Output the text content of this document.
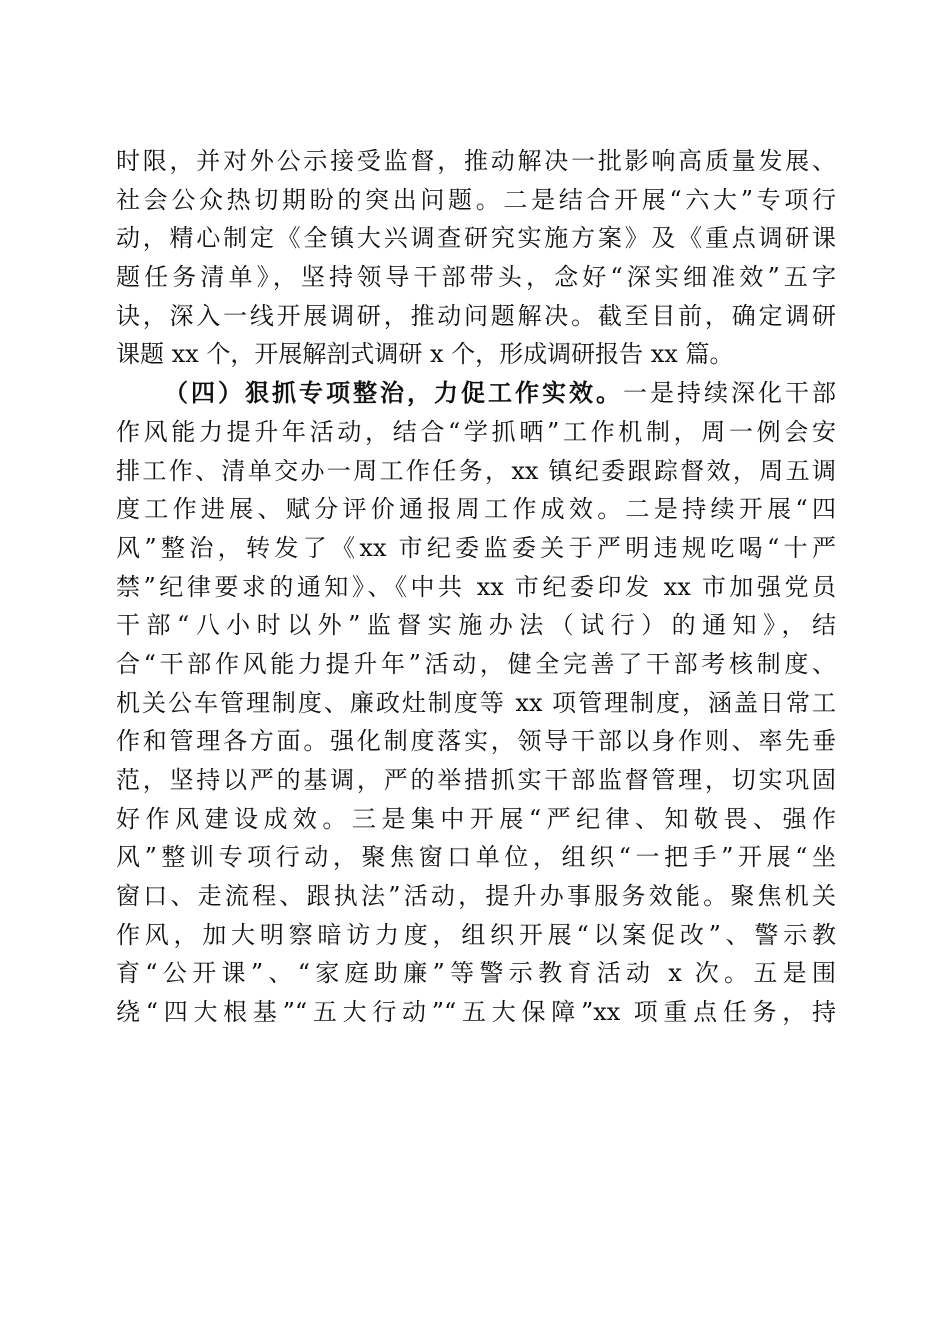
时限，并对外公示接受监督，推动解决一批影响高质量发展、
社会公众热切期盼的突出问题。二是结合开展“六大”专项行
动，精心制定《全镇大兴调查研究实施方案》及《重点调研课
题任务清单》，坚持领导干部带头，念好“深实细准效”五字
诀，深入一线开展调研，推动问题解决。截至目前，确定调研
课题 xx 个，开展解剖式调研 x 个，形成调研报告 xx 篇。
（四）狠抓专项整治，力促工作实效。一是持续深化干部
作风能力提升年活动，结合“学抓晒”工作机制，周一例会安
排工作、清单交办一周工作任务，xx 镇纪委跟踪督效，周五调
度工作进展、赋分评价通报周工作成效。二是持续开展“四
风”整治，转发了《xx 市纪委监委关于严明违规吃喝“十严
禁”纪律要求的通知》、《中共 xx 市纪委印发 xx 市加强党员
干部“八小时以外”监督实施办法（试行）的通知》，结
合“干部作风能力提升年”活动，健全完善了干部考核制度、
机关公车管理制度、廉政灶制度等 xx 项管理制度，涵盖日常工
作和管理各方面。强化制度落实，领导干部以身作则、率先垂
范，坚持以严的基调，严的举措抓实干部监督管理，切实巩固
好作风建设成效。三是集中开展“严纪律、知敬畏、强作
风”整训专项行动，聚焦窗口单位，组织“一把手”开展“坐
窗口、走流程、跟执法”活动，提升办事服务效能。聚焦机关
作风，加大明察暗访力度，组织开展“以案促改”、警示教
育“公开课”、“家庭助廉”等警示教育活动 x 次。五是围
绕“四大根基”“五大行动”“五大保障”xx 项重点任务，持
